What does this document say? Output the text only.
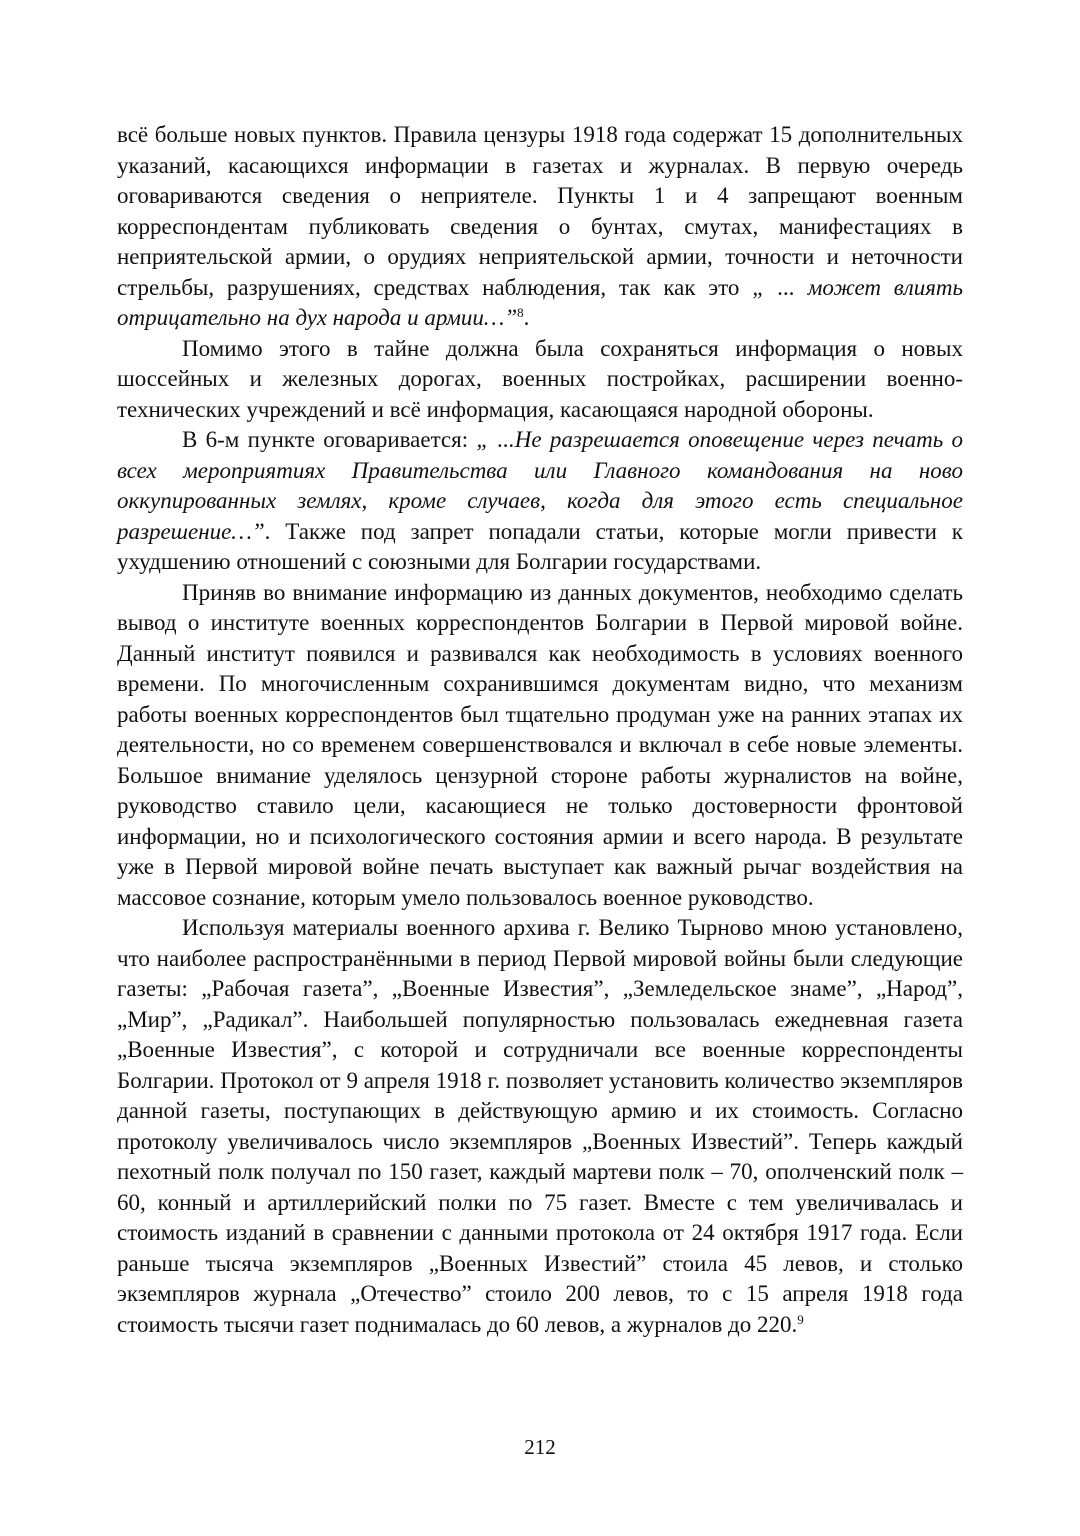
всё больше новых пунктов. Правила цензуры 1918 года содержат 15 дополнительных указаний, касающихся информации в газетах и журналах. В первую очередь оговариваются сведения о неприятеле. Пункты 1 и 4 запрещают военным корреспондентам публиковать сведения о бунтах, смутах, манифестациях в неприятельской армии, о орудиях неприятельской армии, точности и неточности стрельбы, разрушениях, средствах наблюдения, так как это „ ... может влиять отрицательно на дух народа и армии…”$^8$.

Помимо этого в тайне должна была сохраняться информация о новых шоссейных и железных дорогах, военных постройках, расширении военно-технических учреждений и всё информация, касающаяся народной обороны.

В 6-м пункте оговаривается: „ ...Не разрешается оповещение через печать о всех мероприятиях Правительства или Главного командования на ново оккупированных землях, кроме случаев, когда для этого есть специальное разрешение…”. Также под запрет попадали статьи, которые могли привести к ухудшению отношений с союзными для Болгарии государствами.

Приняв во внимание информацию из данных документов, необходимо сделать вывод о институте военных корреспондентов Болгарии в Первой мировой войне. Данный институт появился и развивался как необходимость в условиях военного времени. По многочисленным сохранившимся документам видно, что механизм работы военных корреспондентов был тщательно продуман уже на ранних этапах их деятельности, но со временем совершенствовался и включал в себе новые элементы. Большое внимание уделялось цензурной стороне работы журналистов на войне, руководство ставило цели, касающиеся не только достоверности фронтовой информации, но и психологического состояния армии и всего народа. В результате уже в Первой мировой войне печать выступает как важный рычаг воздействия на массовое сознание, которым умело пользовалось военное руководство.

Используя материалы военного архива г. Велико Тырново мною установлено, что наиболее распространёнными в период Первой мировой войны были следующие газеты: „Рабочая газета”, „Военные Известия”, „Земледельское знаме”, „Народ”, „Мир”, „Радикал”. Наибольшей популярностью пользовалась ежедневная газета „Военные Известия”, с которой и сотрудничали все военные корреспонденты Болгарии. Протокол от 9 апреля 1918 г. позволяет установить количество экземпляров данной газеты, поступающих в действующую армию и их стоимость. Согласно протоколу увеличивалось число экземпляров „Военных Известий”. Теперь каждый пехотный полк получал по 150 газет, каждый мартеви полк – 70, ополченский полк – 60, конный и артиллерийский полки по 75 газет. Вместе с тем увеличивалась и стоимость изданий в сравнении с данными протокола от 24 октября 1917 года. Если раньше тысяча экземпляров „Военных Известий” стоила 45 левов, и столько экземпляров журнала „Отечество” стоило 200 левов, то с 15 апреля 1918 года стоимость тысячи газет поднималась до 60 левов, а журналов до 220.$^9$

212
